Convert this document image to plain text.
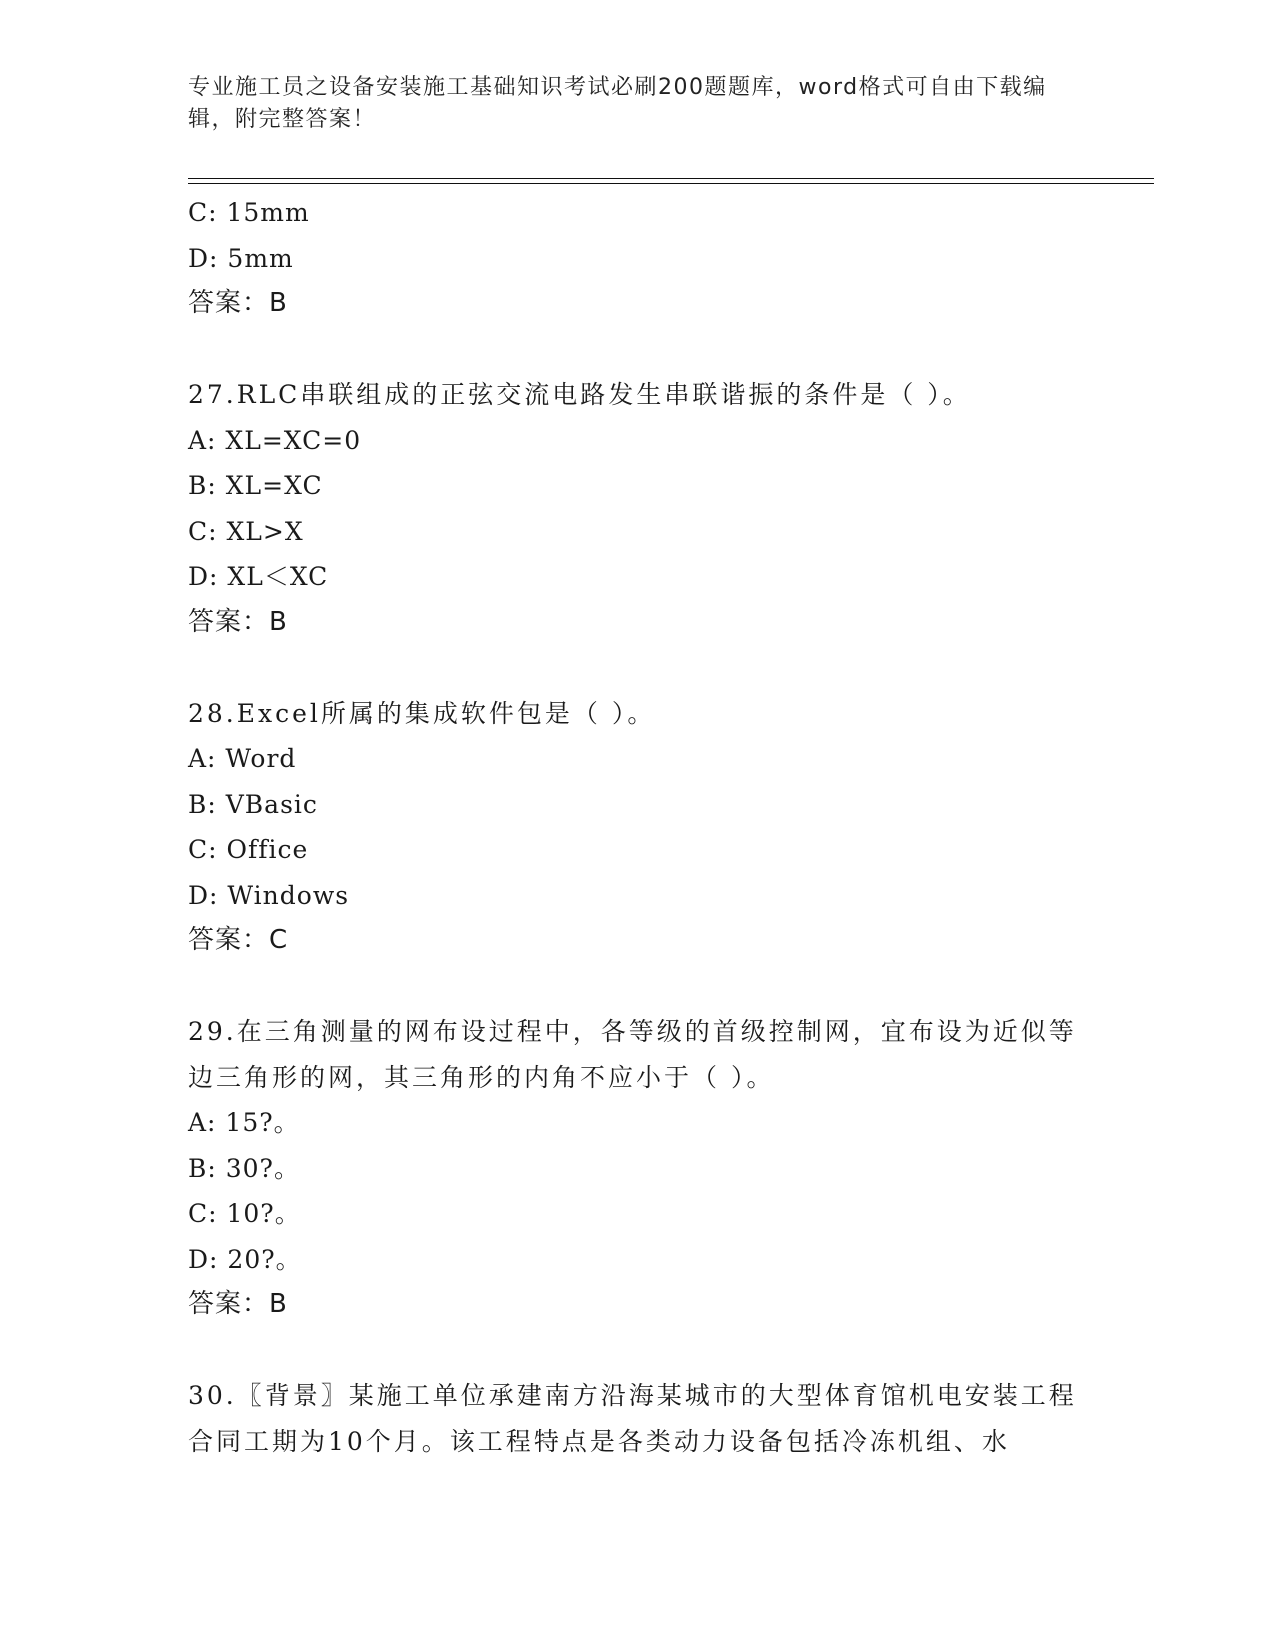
专业施工员之设备安装施工基础知识考试必刷200题题库，word格式可自由下载编辑，附完整答案！
C: 15mm
D: 5mm
答案：B
27.RLC串联组成的正弦交流电路发生串联谐振的条件是（ ）。
A: XL=XC=0
B: XL=XC
C: XL>X
D: XL＜XC
答案：B
28.Excel所属的集成软件包是（ ）。
A: Word
B: VBasic
C: Office
D: Windows
答案：C
29.在三角测量的网布设过程中，各等级的首级控制网，宜布设为近似等边三角形的网，其三角形的内角不应小于（ ）。
A: 15?。
B: 30?。
C: 10?。
D: 20?。
答案：B
30.〖背景〗某施工单位承建南方沿海某城市的大型体育馆机电安装工程合同工期为10个月。该工程特点是各类动力设备包括冷冻机组、水
